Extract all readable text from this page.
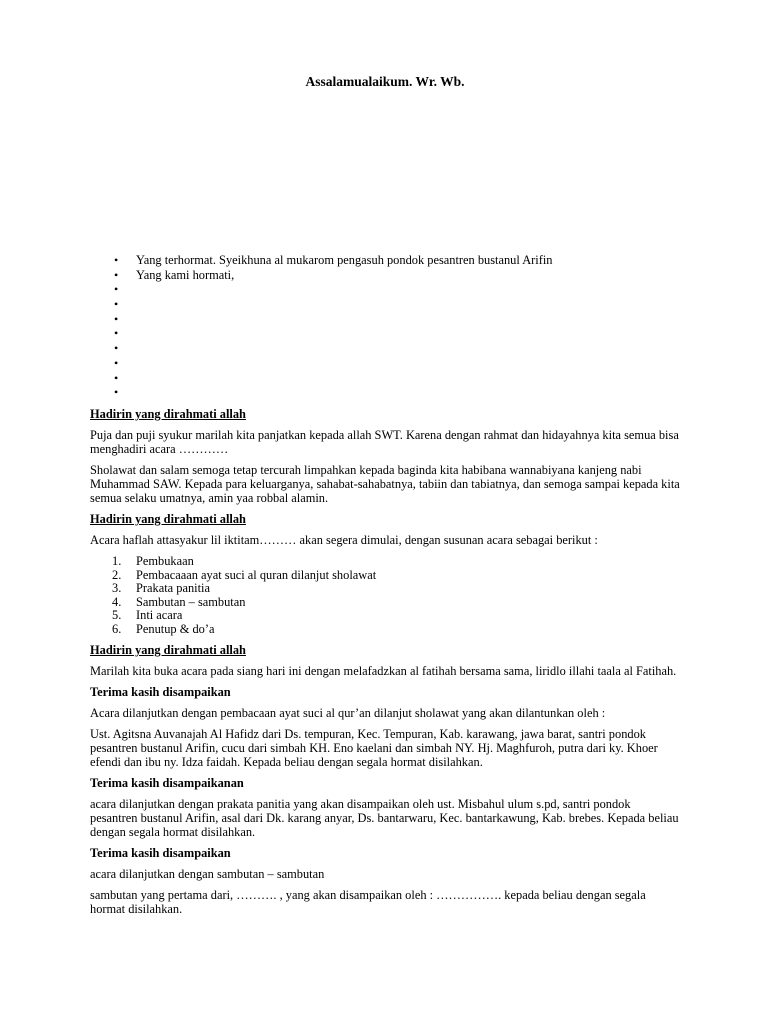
Assalamualaikum. Wr. Wb.
• Yang terhormat. Syeikhuna al mukarom pengasuh pondok pesantren bustanul Arifin
• Yang kami hormati,
•
•
•
•
•
•
•
•

Hadirin yang dirahmati allah

Puja dan puji syukur marilah kita panjatkan kepada allah SWT. Karena dengan rahmat dan hidayahnya kita semua bisa menghadiri acara …………

Sholawat dan salam semoga tetap tercurah limpahkan kepada baginda kita habibana wannabiyana kanjeng nabi Muhammad SAW. Kepada para keluarganya, sahabat-sahabatnya, tabiin dan tabiatnya, dan semoga sampai kepada kita semua selaku umatnya, amin yaa robbal alamin.

Hadirin yang dirahmati allah

Acara haflah attasyakur lil iktitam……… akan segera dimulai, dengan susunan acara sebagai berikut :

1. Pembukaan
2. Pembacaaan ayat suci al quran dilanjut sholawat
3. Prakata panitia
4. Sambutan – sambutan
5. Inti acara
6. Penutup & do’a

Hadirin yang dirahmati allah

Marilah kita buka acara pada siang hari ini dengan melafadzkan al fatihah bersama sama, liridlo illahi taala al Fatihah.

Terima kasih disampaikan

Acara dilanjutkan dengan pembacaan ayat suci al qur’an dilanjut sholawat yang akan dilantunkan oleh :

Ust. Agitsna Auvanajah Al Hafidz dari Ds. tempuran, Kec. Tempuran, Kab. karawang, jawa barat, santri pondok pesantren bustanul Arifin, cucu dari simbah KH. Eno kaelani dan simbah NY. Hj. Maghfuroh, putra dari ky. Khoer efendi dan ibu ny. Idza faidah. Kepada beliau dengan segala hormat disilahkan.

Terima kasih disampaikanan

acara dilanjutkan dengan prakata panitia yang akan disampaikan oleh ust. Misbahul ulum s.pd, santri pondok pesantren bustanul Arifin, asal dari Dk. karang anyar, Ds. bantarwaru, Kec. bantarkawung, Kab. brebes. Kepada beliau dengan segala hormat disilahkan.

Terima kasih disampaikan

acara dilanjutkan dengan sambutan – sambutan

sambutan yang pertama dari, ………. , yang akan disampaikan oleh : ……………. kepada beliau dengan segala hormat disilahkan.
